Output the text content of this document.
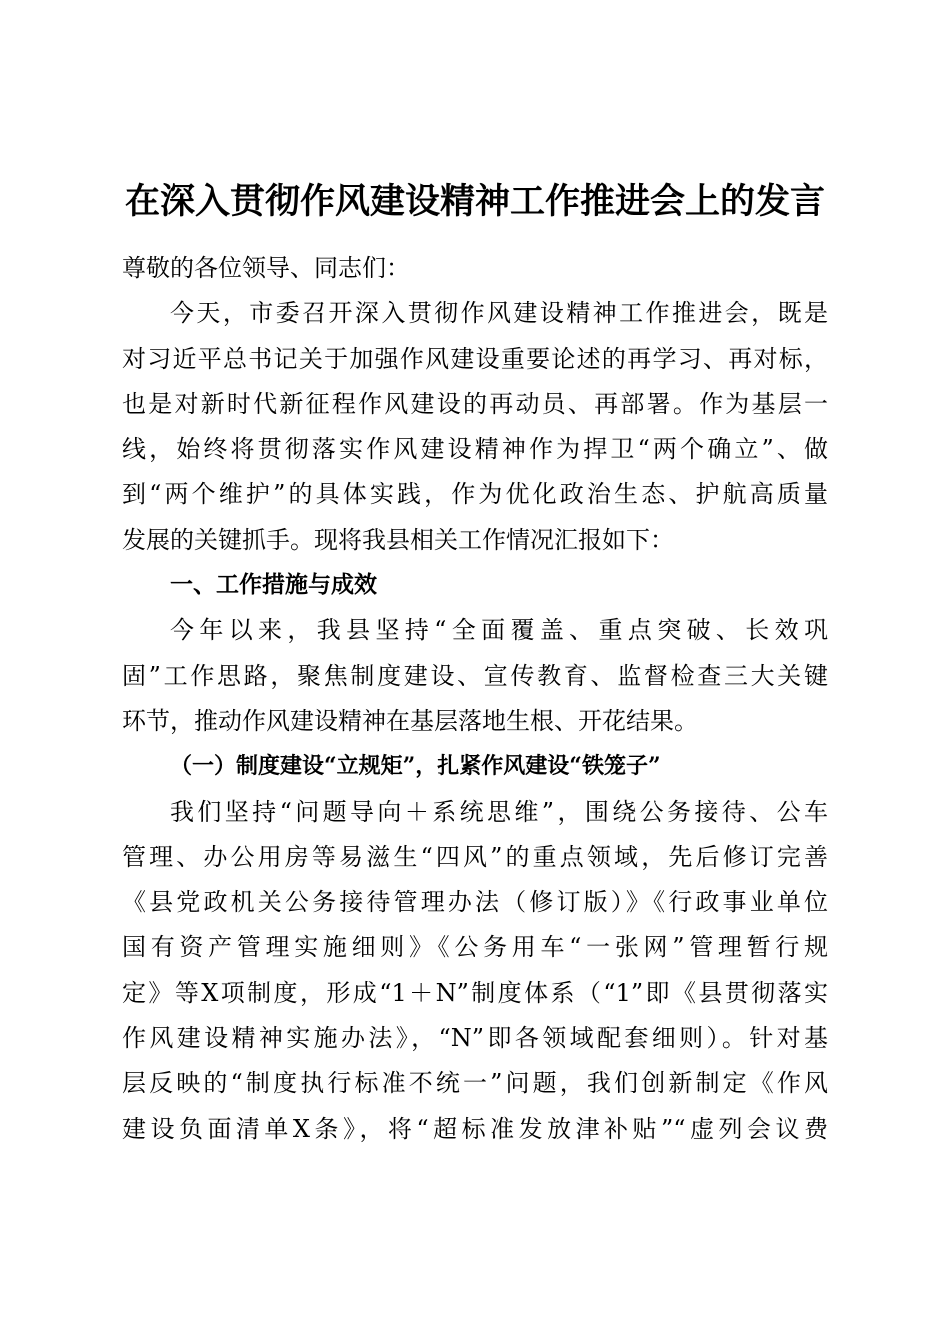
在深入贯彻作风建设精神工作推进会上的发言
尊敬的各位领导、同志们：
今天，市委召开深入贯彻作风建设精神工作推进会，既是
对习近平总书记关于加强作风建设重要论述的再学习、再对标，
也是对新时代新征程作风建设的再动员、再部署。作为基层一
线，始终将贯彻落实作风建设精神作为捍卫“两个确立”、做
到“两个维护”的具体实践，作为优化政治生态、护航高质量
发展的关键抓手。现将我县相关工作情况汇报如下：
一、工作措施与成效
今年以来，我县坚持“全面覆盖、重点突破、长效巩
固”工作思路，聚焦制度建设、宣传教育、监督检查三大关键
环节，推动作风建设精神在基层落地生根、开花结果。
（一）制度建设“立规矩”，扎紧作风建设“铁笼子”
我们坚持“问题导向＋系统思维”，围绕公务接待、公车
管理、办公用房等易滋生“四风”的重点领域，先后修订完善
《县党政机关公务接待管理办法（修订版）》《行政事业单位
国有资产管理实施细则》《公务用车“一张网”管理暂行规
定》等X项制度，形成“1＋N”制度体系（“1”即《县贯彻落实
作风建设精神实施办法》，“N”即各领域配套细则）。针对基
层反映的“制度执行标准不统一”问题，我们创新制定《作风
建设负面清单X条》，将“超标准发放津补贴”“虚列会议费
